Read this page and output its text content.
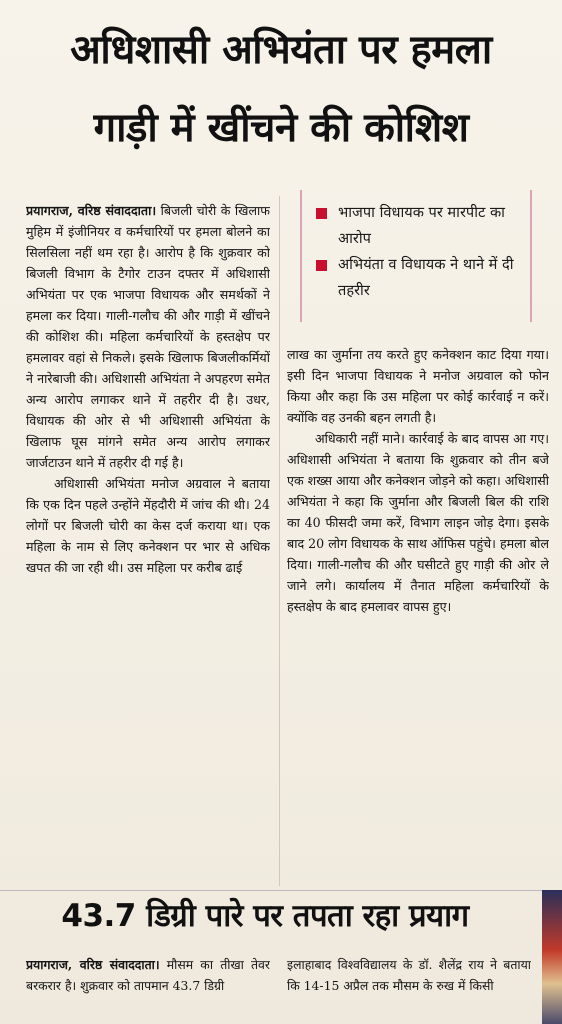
अधिशासी अभियंता पर हमला
गाड़ी में खींचने की कोशिश

प्रयागराज, वरिष्ठ संवाददाता। बिजली चोरी के खिलाफ मुहिम में इंजीनियर व कर्मचारियों पर हमला बोलने का सिलसिला नहीं थम रहा है। आरोप है कि शुक्रवार को बिजली विभाग के टैगोर टाउन दफ्तर में अधिशासी अभियंता पर एक भाजपा विधायक और समर्थकों ने हमला कर दिया। गाली-गलौच की और गाड़ी में खींचने की कोशिश की। महिला कर्मचारियों के हस्तक्षेप पर हमलावर वहां से निकले। इसके खिलाफ बिजलीकर्मियों ने नारेबाजी की। अधिशासी अभियंता ने अपहरण समेत अन्य आरोप लगाकर थाने में तहरीर दी है। उधर, विधायक की ओर से भी अधिशासी अभियंता के खिलाफ घूस मांगने समेत अन्य आरोप लगाकर जार्जटाउन थाने में तहरीर दी गई है।

अधिशासी अभियंता मनोज अग्रवाल ने बताया कि एक दिन पहले उन्होंने मेंहदौरी में जांच की थी। 24 लोगों पर बिजली चोरी का केस दर्ज कराया था। एक महिला के नाम से लिए कनेक्शन पर भार से अधिक खपत की जा रही थी। उस महिला पर करीब ढाई

भाजपा विधायक पर मारपीट का आरोप
अभियंता व विधायक ने थाने में दी तहरीर

लाख का जुर्माना तय करते हुए कनेक्शन काट दिया गया। इसी दिन भाजपा विधायक ने मनोज अग्रवाल को फोन किया और कहा कि उस महिला पर कोई कार्रवाई न करें। क्योंकि वह उनकी बहन लगती है।

अधिकारी नहीं माने। कार्रवाई के बाद वापस आ गए। अधिशासी अभियंता ने बताया कि शुक्रवार को तीन बजे एक शख्स आया और कनेक्शन जोड़ने को कहा। अधिशासी अभियंता ने कहा कि जुर्माना और बिजली बिल की राशि का 40 फीसदी जमा करें, विभाग लाइन जोड़ देगा। इसके बाद 20 लोग विधायक के साथ ऑफिस पहुंचे। हमला बोल दिया। गाली-गलौच की और घसीटते हुए गाड़ी की ओर ले जाने लगे। कार्यालय में तैनात महिला कर्मचारियों के हस्तक्षेप के बाद हमलावर वापस हुए।

43.7 डिग्री पारे पर तपता रहा प्रयाग
प्रयागराज, वरिष्ठ संवाददाता। मौसम का तीखा तेवर बरकरार है। शुक्रवार को तापमान 43.7 डिग्री
इलाहाबाद विश्वविद्यालय के डॉ. शैलेंद्र राय ने बताया कि 14-15 अप्रैल तक मौसम के रुख में किसी
